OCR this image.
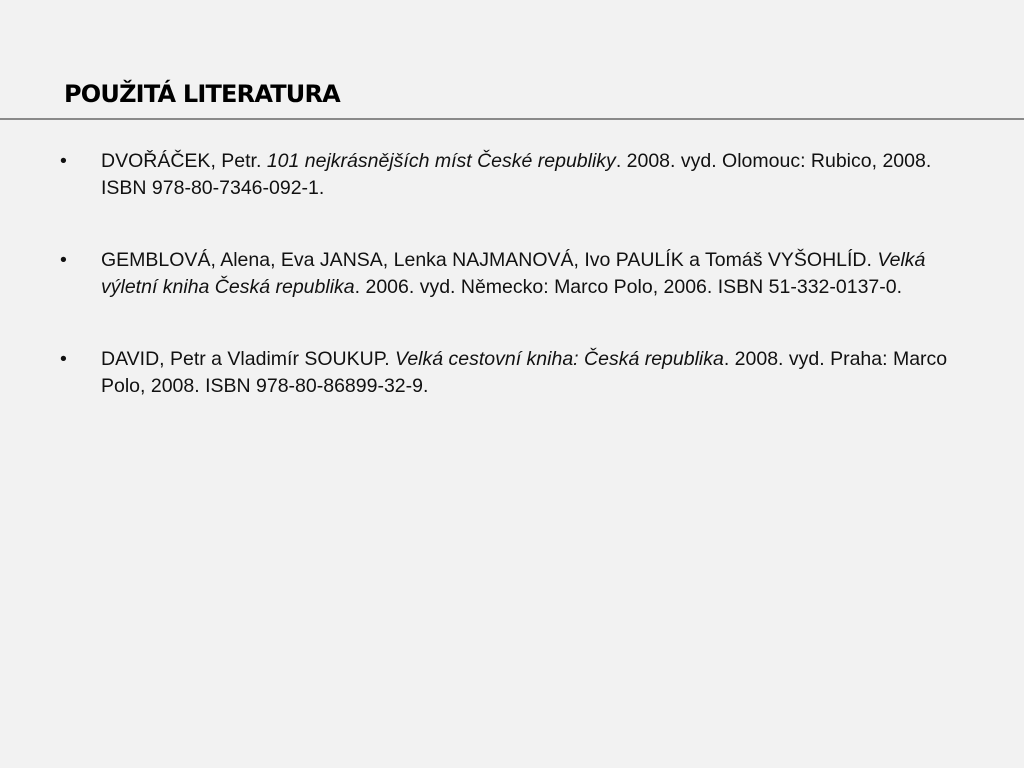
POUŽITÁ LITERATURA
•	DVOŘÁČEK, Petr. 101 nejkrásnějších míst České republiky. 2008. vyd. Olomouc: Rubico, 2008. ISBN 978-80-7346-092-1.
•	GEMBLOVÁ, Alena, Eva JANSA, Lenka NAJMANOVÁ, Ivo PAULÍK a Tomáš VYŠOHLÍD. Velká výletní kniha Česká republika. 2006. vyd. Německo: Marco Polo, 2006. ISBN 51-332-0137-0.
•	DAVID, Petr a Vladimír SOUKUP. Velká cestovní kniha: Česká republika. 2008. vyd. Praha: Marco Polo, 2008. ISBN 978-80-86899-32-9.
